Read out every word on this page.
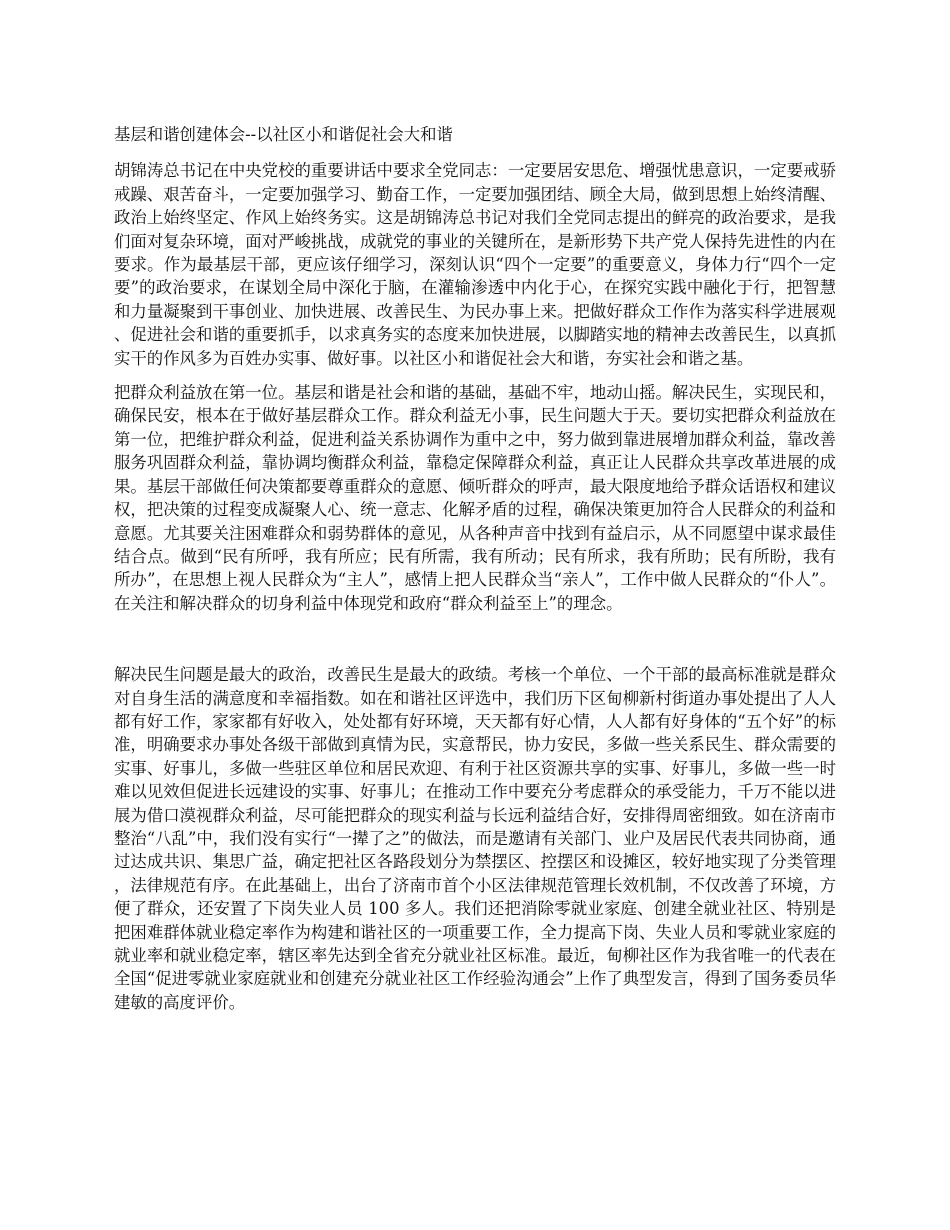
基层和谐创建体会--以社区小和谐促社会大和谐

胡锦涛总书记在中央党校的重要讲话中要求全党同志：一定要居安思危、增强忧患意识，一定要戒骄戒躁、艰苦奋斗，一定要加强学习、勤奋工作，一定要加强团结、顾全大局，做到思想上始终清醒、政治上始终坚定、作风上始终务实。这是胡锦涛总书记对我们全党同志提出的鲜亮的政治要求，是我们面对复杂环境，面对严峻挑战，成就党的事业的关键所在，是新形势下共产党人保持先进性的内在要求。作为最基层干部，更应该仔细学习，深刻认识“四个一定要”的重要意义，身体力行“四个一定要”的政治要求，在谋划全局中深化于脑，在灌输渗透中内化于心，在探究实践中融化于行，把智慧和力量凝聚到干事创业、加快进展、改善民生、为民办事上来。把做好群众工作作为落实科学进展观、促进社会和谐的重要抓手，以求真务实的态度来加快进展，以脚踏实地的精神去改善民生，以真抓实干的作风多为百姓办实事、做好事。以社区小和谐促社会大和谐，夯实社会和谐之基。

把群众利益放在第一位。基层和谐是社会和谐的基础，基础不牢，地动山摇。解决民生，实现民和，确保民安，根本在于做好基层群众工作。群众利益无小事，民生问题大于天。要切实把群众利益放在第一位，把维护群众利益，促进利益关系协调作为重中之中，努力做到靠进展增加群众利益，靠改善服务巩固群众利益，靠协调均衡群众利益，靠稳定保障群众利益，真正让人民群众共享改革进展的成果。基层干部做任何决策都要尊重群众的意愿、倾听群众的呼声，最大限度地给予群众话语权和建议权，把决策的过程变成凝聚人心、统一意志、化解矛盾的过程，确保决策更加符合人民群众的利益和意愿。尤其要关注困难群众和弱势群体的意见，从各种声音中找到有益启示，从不同愿望中谋求最佳结合点。做到“民有所呼，我有所应；民有所需，我有所动；民有所求，我有所助；民有所盼，我有所办”，在思想上视人民群众为“主人”，感情上把人民群众当“亲人”，工作中做人民群众的“仆人”。在关注和解决群众的切身利益中体现党和政府“群众利益至上”的理念。

解决民生问题是最大的政治，改善民生是最大的政绩。考核一个单位、一个干部的最高标准就是群众对自身生活的满意度和幸福指数。如在和谐社区评选中，我们历下区甸柳新村街道办事处提出了人人都有好工作，家家都有好收入，处处都有好环境，天天都有好心情，人人都有好身体的“五个好”的标准，明确要求办事处各级干部做到真情为民，实意帮民，协力安民，多做一些关系民生、群众需要的实事、好事儿，多做一些驻区单位和居民欢迎、有利于社区资源共享的实事、好事儿，多做一些一时难以见效但促进长远建设的实事、好事儿；在推动工作中要充分考虑群众的承受能力，千万不能以进展为借口漠视群众利益，尽可能把群众的现实利益与长远利益结合好，安排得周密细致。如在济南市整治“八乱”中，我们没有实行“一撵了之”的做法，而是邀请有关部门、业户及居民代表共同协商，通过达成共识、集思广益，确定把社区各路段划分为禁摆区、控摆区和设摊区，较好地实现了分类管理，法律规范有序。在此基础上，出台了济南市首个小区法律规范管理长效机制，不仅改善了环境，方便了群众，还安置了下岗失业人员 100 多人。我们还把消除零就业家庭、创建全就业社区、特别是把困难群体就业稳定率作为构建和谐社区的一项重要工作，全力提高下岗、失业人员和零就业家庭的就业率和就业稳定率，辖区率先达到全省充分就业社区标准。最近，甸柳社区作为我省唯一的代表在全国“促进零就业家庭就业和创建充分就业社区工作经验沟通会”上作了典型发言，得到了国务委员华建敏的高度评价。
